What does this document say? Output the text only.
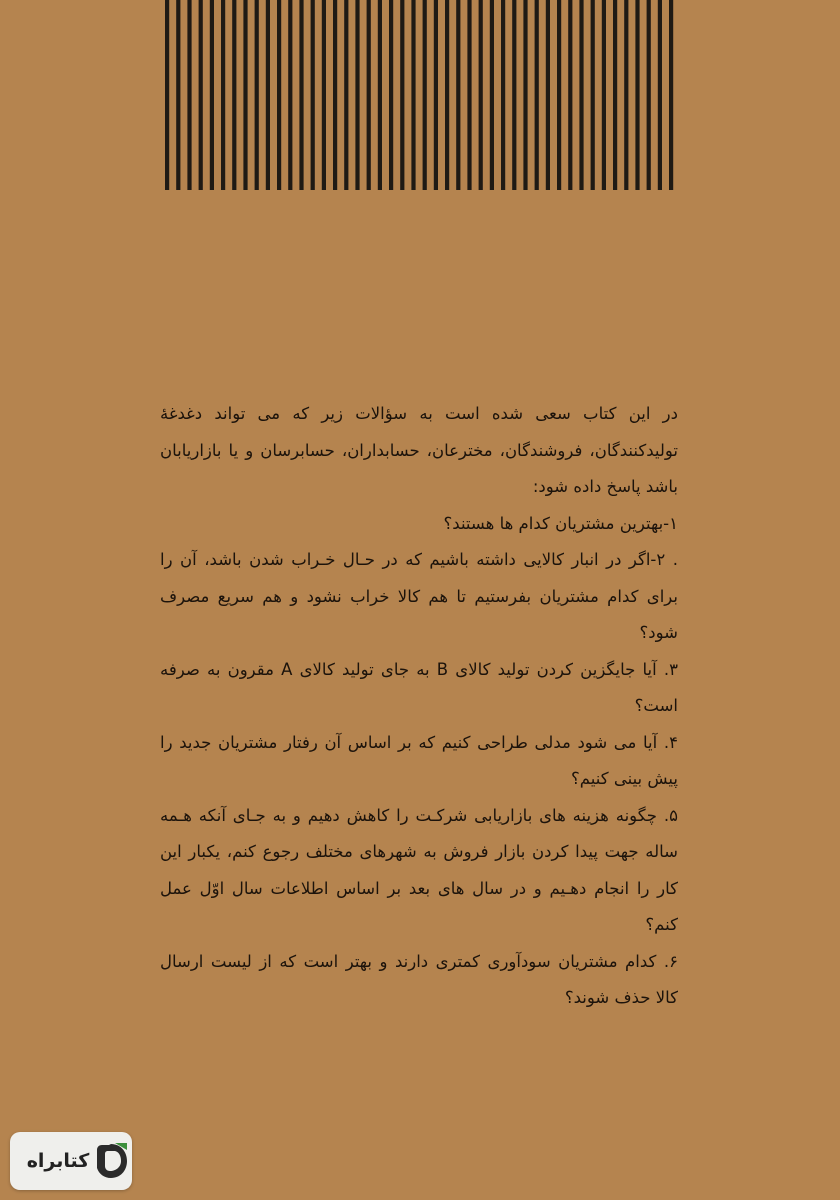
در این کتاب سعی شده است به سؤالات زیر که می تواند دغدغۀ تولیدکنندگان، فروشندگان، مخترعان، حسابداران، حسابرسان و یا بازاریابان باشد پاسخ داده شود:

۱-بهترین مشتریان کدام ها هستند؟

. ۲-اگر در انبار کالایی داشته باشیم که در حـال خـراب شدن باشد، آن را برای کدام مشتریان بفرستیم تا هم کالا خراب نشود و هم سریع مصرف شود؟

۳. آیا جایگزین کردن تولید کالای B به جای تولید کالای A مقرون به صرفه است؟

۴. آیا می شود مدلی طراحی کنیم که بر اساس آن رفتار مشتریان جدید را پیش بینی کنیم؟

۵. چگونه هزینه های بازاریابی شرکـت را کاهش دهیم و به جـای آنکه هـمه ساله جهت پیدا کردن بازار فروش به شهرهای مختلف رجوع کنم، یکبار این کار را انجام دهـیم و در سال های بعد بر اساس اطلاعات سال اوّل عمل کنم؟

۶. کدام مشتریان سودآوری کمتری دارند و بهتر است که از لیست ارسال کالا حذف شوند؟

کتابراه
